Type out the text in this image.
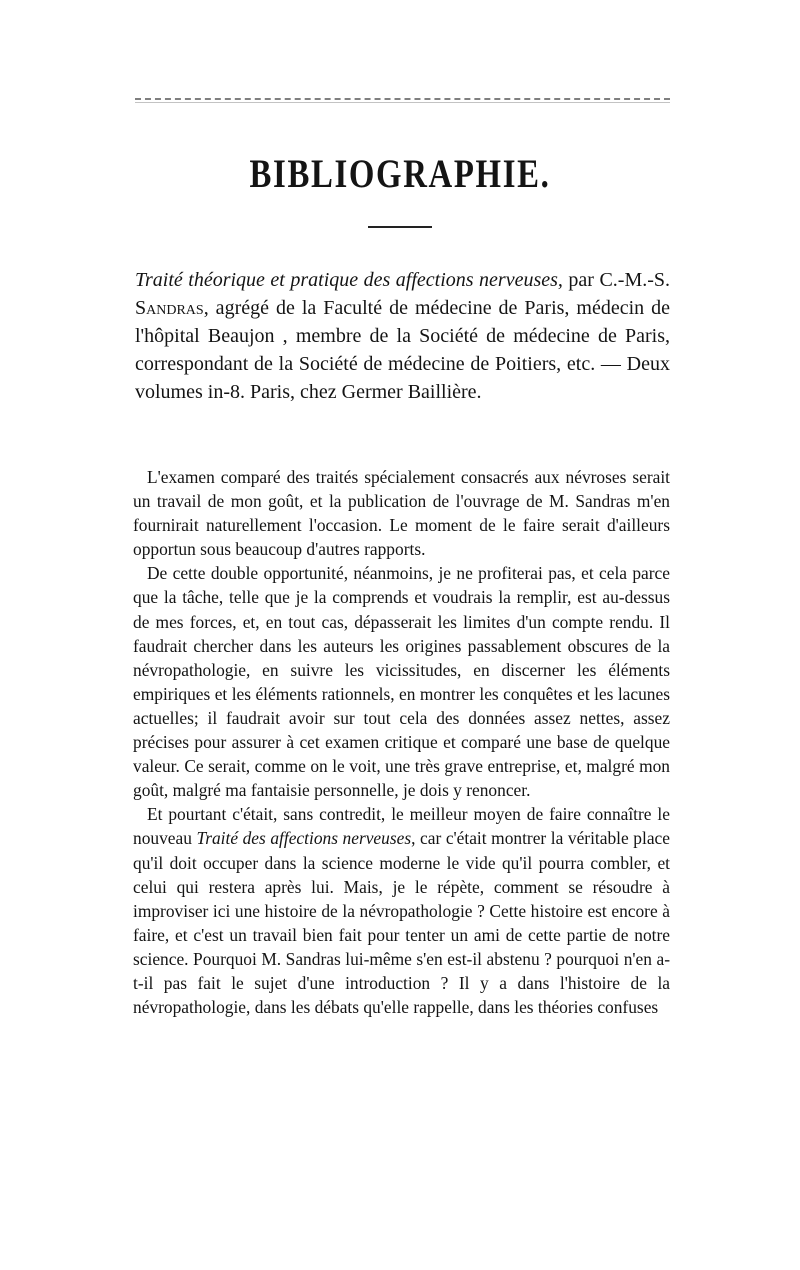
BIBLIOGRAPHIE.
Traité théorique et pratique des affections nerveuses, par C.-M.-S. Sandras, agrégé de la Faculté de médecine de Paris, médecin de l'hôpital Beaujon , membre de la Société de médecine de Paris, correspondant de la Société de médecine de Poitiers, etc. — Deux volumes in-8. Paris, chez Germer Baillière.

L'examen comparé des traités spécialement consacrés aux névroses serait un travail de mon goût, et la publication de l'ouvrage de M. Sandras m'en fournirait naturellement l'occasion. Le moment de le faire serait d'ailleurs opportun sous beaucoup d'autres rapports.

De cette double opportunité, néanmoins, je ne profiterai pas, et cela parce que la tâche, telle que je la comprends et voudrais la remplir, est au-dessus de mes forces, et, en tout cas, dépasserait les limites d'un compte rendu. Il faudrait chercher dans les auteurs les origines passablement obscures de la névropathologie, en suivre les vicissitudes, en discerner les éléments empiriques et les éléments rationnels, en montrer les conquêtes et les lacunes actuelles; il faudrait avoir sur tout cela des données assez nettes, assez précises pour assurer à cet examen critique et comparé une base de quelque valeur. Ce serait, comme on le voit, une très grave entreprise, et, malgré mon goût, malgré ma fantaisie personnelle, je dois y renoncer.

Et pourtant c'était, sans contredit, le meilleur moyen de faire connaître le nouveau Traité des affections nerveuses, car c'était montrer la véritable place qu'il doit occuper dans la science moderne le vide qu'il pourra combler, et celui qui restera après lui. Mais, je le répète, comment se résoudre à improviser ici une histoire de la névropathologie ? Cette histoire est encore à faire, et c'est un travail bien fait pour tenter un ami de cette partie de notre science. Pourquoi M. Sandras lui-même s'en est-il abstenu ? pourquoi n'en a-t-il pas fait le sujet d'une introduction ? Il y a dans l'histoire de la névropathologie, dans les débats qu'elle rappelle, dans les théories confuses
